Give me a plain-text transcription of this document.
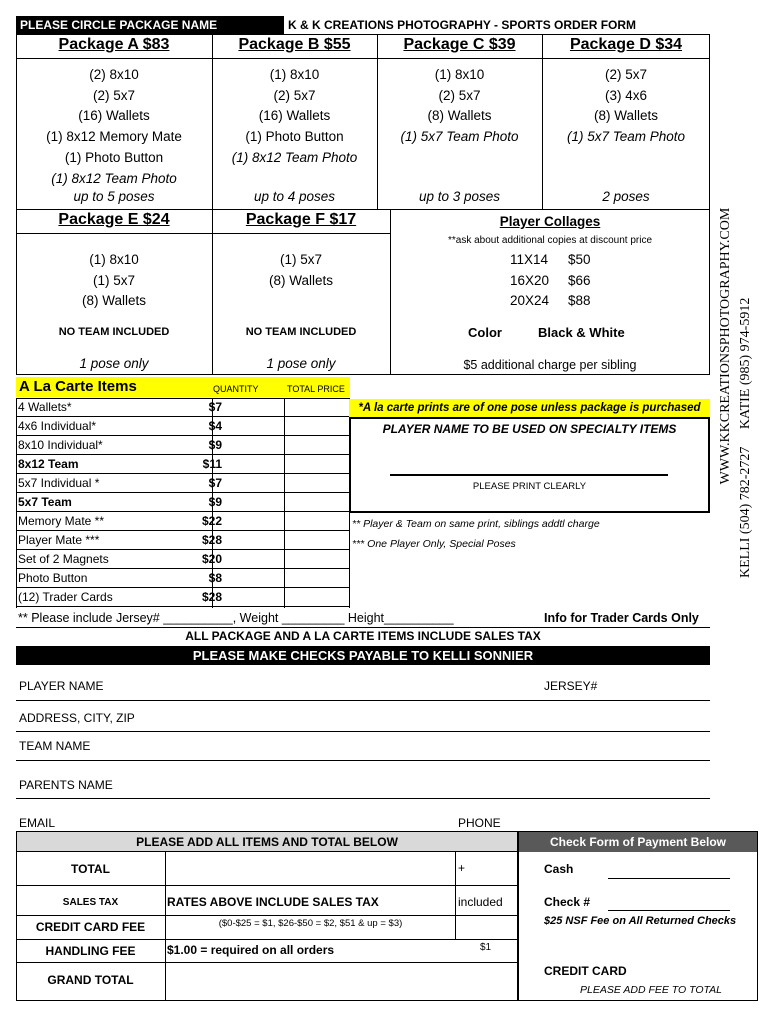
PLEASE CIRCLE PACKAGE NAME	K & K CREATIONS PHOTOGRAPHY - SPORTS ORDER FORM
Package A $83
(2) 8x10
(2) 5x7
(16) Wallets
(1) 8x12 Memory Mate
(1) Photo Button
(1) 8x12 Team Photo
up to 5 poses
Package B $55
(1) 8x10
(2) 5x7
(16) Wallets
(1) Photo Button
(1) 8x12 Team Photo
up to 4 poses
Package C $39
(1) 8x10
(2) 5x7
(8) Wallets
(1) 5x7 Team Photo
up to 3 poses
Package D $34
(2) 5x7
(3) 4x6
(8) Wallets
(1) 5x7 Team Photo
2 poses
Package E $24
(1) 8x10
(1) 5x7
(8) Wallets
NO TEAM INCLUDED
1 pose only
Package F $17
(1) 5x7
(8) Wallets
NO TEAM INCLUDED
1 pose only
Player Collages
**ask about additional copies at discount price
11X14 $50
16X20 $66
20X24 $88
Color	Black & White
$5 additional charge per sibling	WWW.KKCREATIONSPHOTOGRAPHY.COM KELLI (504) 782-2727     KATIE (985) 974-5912
A La Carte Items	QUANTITY	TOTAL PRICE
4 Wallets*	$7
4x6 Individual*	$4
8x10 Individual*	$9
8x12 Team	$11
5x7 Individual *	$7
5x7 Team	$9
Memory Mate **	$22
Player Mate ***	$28
Set of 2 Magnets	$20
Photo Button	$8
(12) Trader Cards	$28
*A la carte prints are of one pose unless package is purchased
PLAYER NAME TO BE USED ON SPECIALTY ITEMS
PLEASE PRINT CLEARLY
** Player & Team on same print, siblings addtl charge
*** One Player Only, Special Poses
** Please include Jersey# __________, Weight _________ Height__________	Info for Trader Cards Only
ALL PACKAGE AND A LA CARTE ITEMS INCLUDE SALES TAX
PLEASE MAKE CHECKS PAYABLE TO KELLI SONNIER
PLAYER NAME	JERSEY#
ADDRESS, CITY, ZIP
TEAM NAME
PARENTS NAME
EMAIL	PHONE
PLEASE ADD ALL ITEMS AND TOTAL BELOW
TOTAL	+
SALES TAX	RATES ABOVE INCLUDE SALES TAX	included
CREDIT CARD FEE	($0-$25 = $1, $26-$50 = $2, $51 & up = $3)
HANDLING FEE	$1.00 = required on all orders	$1
GRAND TOTAL
Check Form of Payment Below
Cash
Check #
$25 NSF Fee on All Returned Checks
CREDIT CARD
PLEASE ADD FEE TO TOTAL
